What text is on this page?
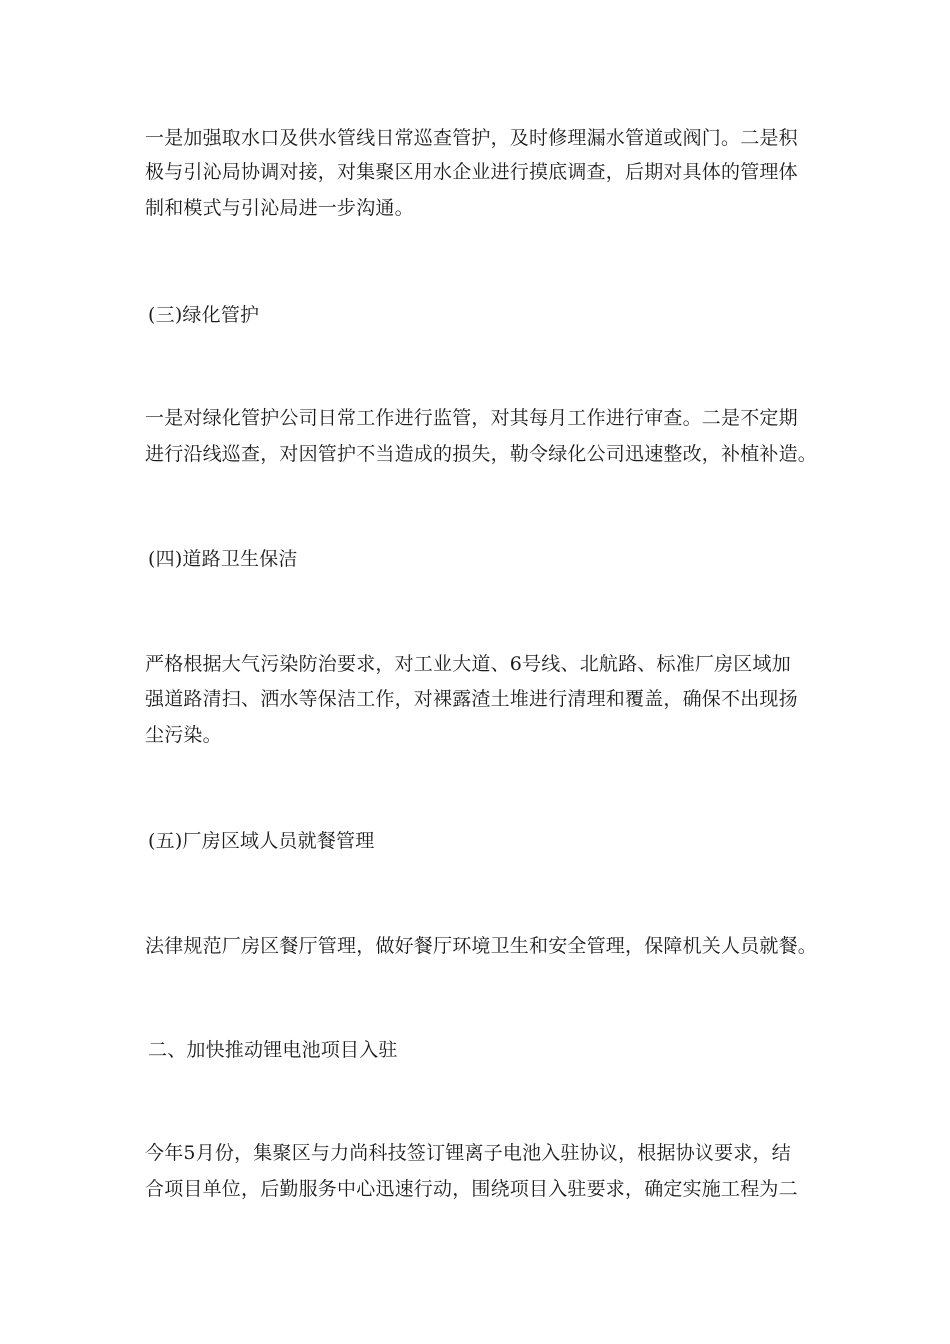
一是加强取水口及供水管线日常巡查管护，及时修理漏水管道或阀门。二是积
极与引沁局协调对接，对集聚区用水企业进行摸底调查，后期对具体的管理体
制和模式与引沁局进一步沟通。
(三)绿化管护
一是对绿化管护公司日常工作进行监管，对其每月工作进行审查。二是不定期
进行沿线巡查，对因管护不当造成的损失，勒令绿化公司迅速整改，补植补造。
(四)道路卫生保洁
严格根据大气污染防治要求，对工业大道、6号线、北航路、标准厂房区域加
强道路清扫、洒水等保洁工作，对裸露渣土堆进行清理和覆盖，确保不出现扬
尘污染。
(五)厂房区域人员就餐管理
法律规范厂房区餐厅管理，做好餐厅环境卫生和安全管理，保障机关人员就餐。
二、加快推动锂电池项目入驻
今年5月份，集聚区与力尚科技签订锂离子电池入驻协议，根据协议要求，结
合项目单位，后勤服务中心迅速行动，围绕项目入驻要求，确定实施工程为二
